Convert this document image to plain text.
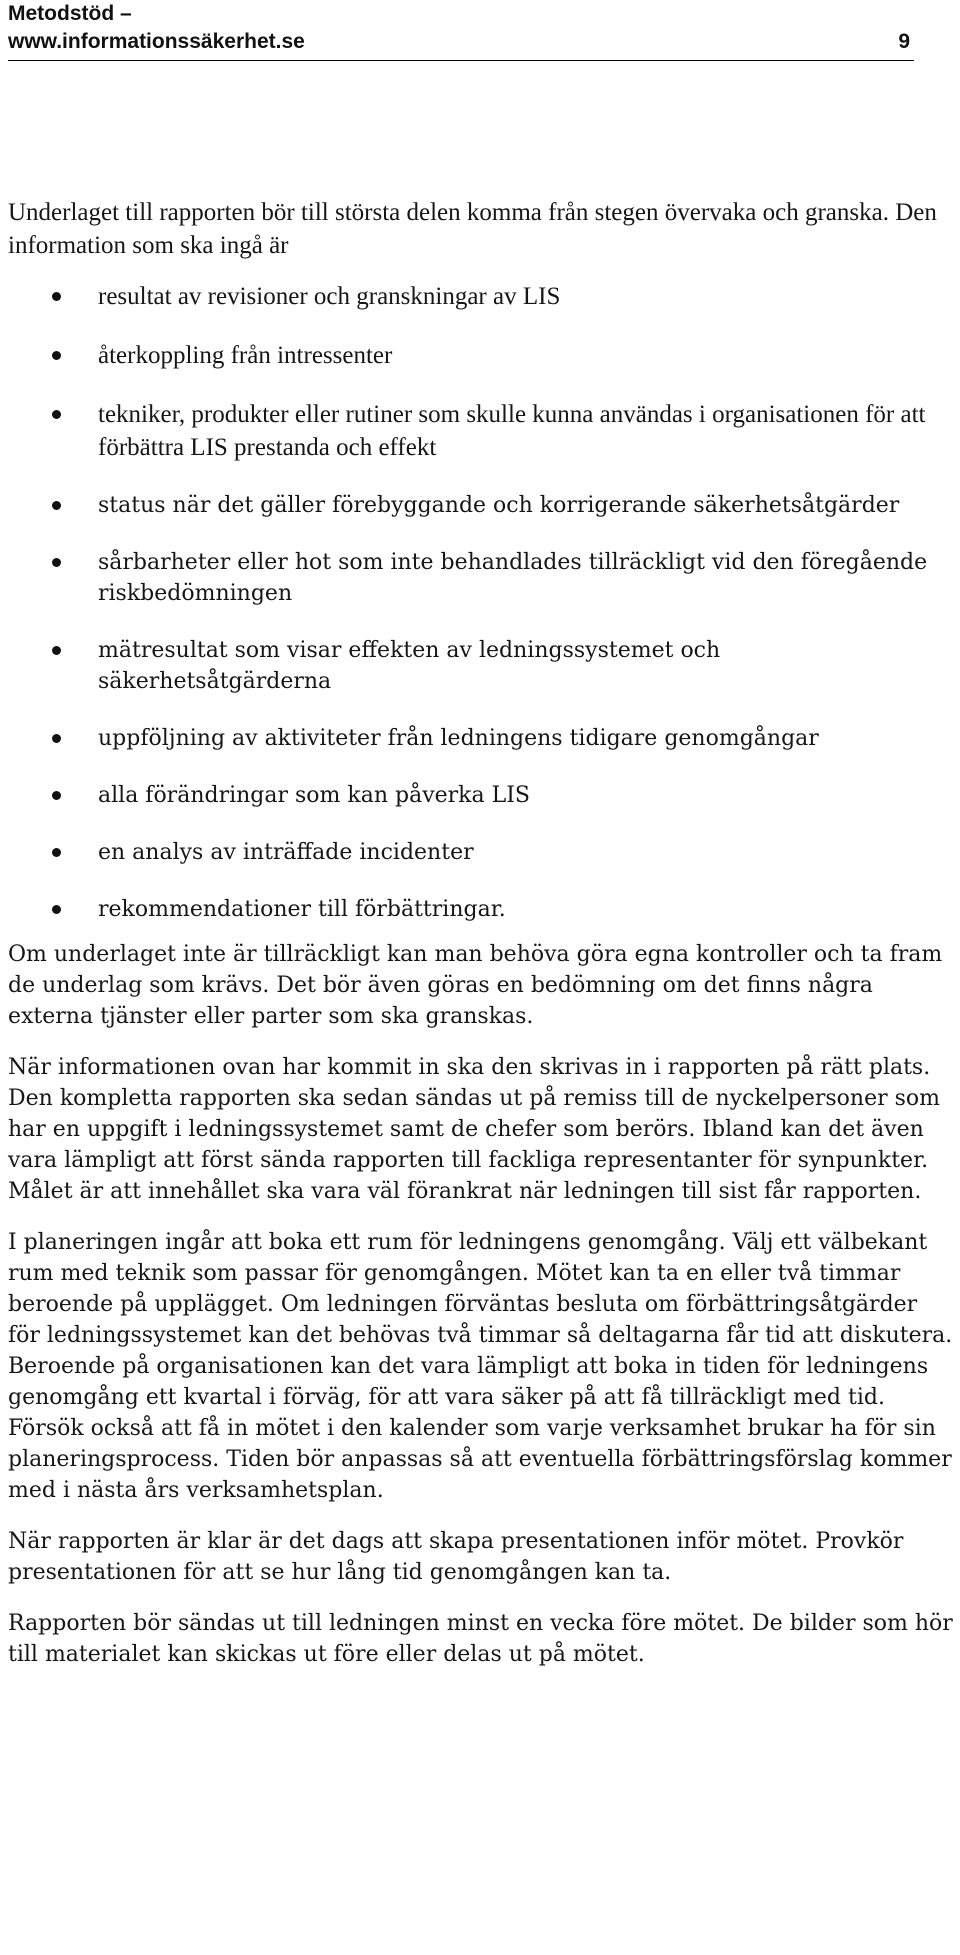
Metodstöd –
www.informationssäkerhet.se	9

Underlaget till rapporten bör till största delen komma från stegen övervaka och granska. Den information som ska ingå är

resultat av revisioner och granskningar av LIS
återkoppling från intressenter
tekniker, produkter eller rutiner som skulle kunna användas i organisationen för att förbättra LIS prestanda och effekt
status när det gäller förebyggande och korrigerande säkerhetsåtgärder
sårbarheter eller hot som inte behandlades tillräckligt vid den föregående riskbedömningen
mätresultat som visar effekten av ledningssystemet och säkerhetsåtgärderna
uppföljning av aktiviteter från ledningens tidigare genomgångar
alla förändringar som kan påverka LIS
en analys av inträffade incidenter
rekommendationer till förbättringar.

Om underlaget inte är tillräckligt kan man behöva göra egna kontroller och ta fram de underlag som krävs. Det bör även göras en bedömning om det finns några externa tjänster eller parter som ska granskas.

När informationen ovan har kommit in ska den skrivas in i rapporten på rätt plats. Den kompletta rapporten ska sedan sändas ut på remiss till de nyckelpersoner som har en uppgift i ledningssystemet samt de chefer som berörs. Ibland kan det även vara lämpligt att först sända rapporten till fackliga representanter för synpunkter. Målet är att innehållet ska vara väl förankrat när ledningen till sist får rapporten.

I planeringen ingår att boka ett rum för ledningens genomgång. Välj ett välbekant rum med teknik som passar för genomgången. Mötet kan ta en eller två timmar beroende på upplägget. Om ledningen förväntas besluta om förbättringsåtgärder för ledningssystemet kan det behövas två timmar så deltagarna får tid att diskutera. Beroende på organisationen kan det vara lämpligt att boka in tiden för ledningens genomgång ett kvartal i förväg, för att vara säker på att få tillräckligt med tid. Försök också att få in mötet i den kalender som varje verksamhet brukar ha för sin planeringsprocess. Tiden bör anpassas så att eventuella förbättringsförslag kommer med i nästa års verksamhetsplan.

När rapporten är klar är det dags att skapa presentationen inför mötet. Provkör presentationen för att se hur lång tid genomgången kan ta.

Rapporten bör sändas ut till ledningen minst en vecka före mötet. De bilder som hör till materialet kan skickas ut före eller delas ut på mötet.
